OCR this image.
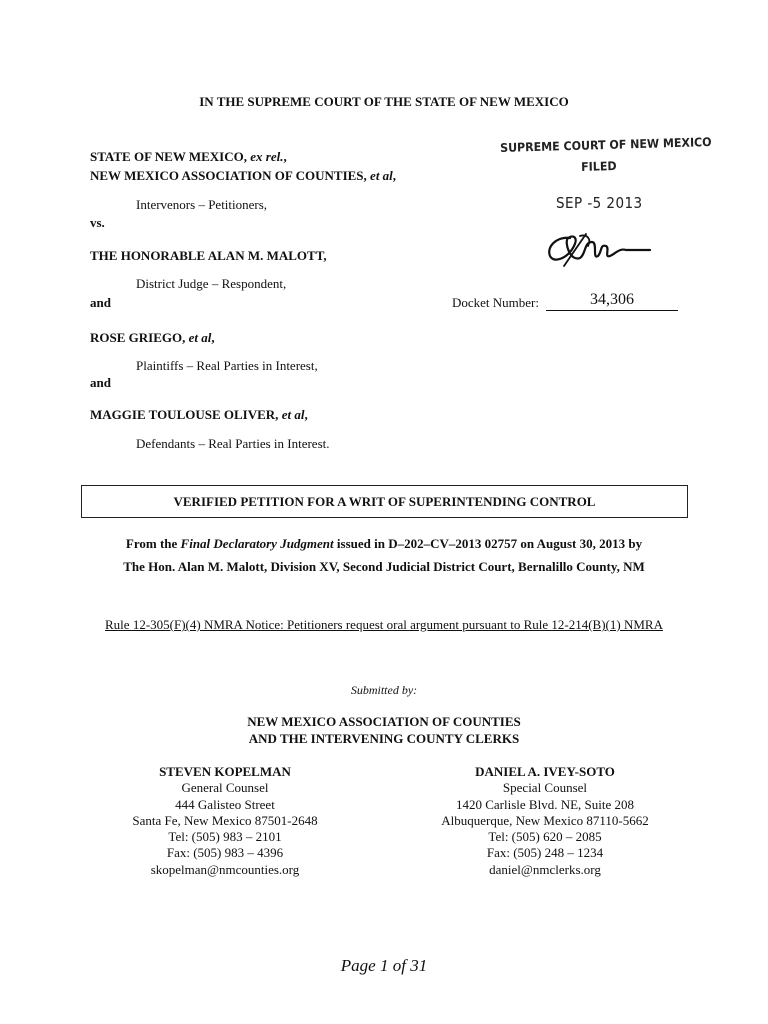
IN THE SUPREME COURT OF THE STATE OF NEW MEXICO
STATE OF NEW MEXICO, ex rel.,
NEW MEXICO ASSOCIATION OF COUNTIES, et al,
Intervenors – Petitioners,
vs.
THE HONORABLE ALAN M. MALOTT,
District Judge – Respondent,
and
ROSE GRIEGO, et al,
Plaintiffs – Real Parties in Interest,
and
MAGGIE TOULOUSE OLIVER, et al,
Defendants – Real Parties in Interest.
SUPREME COURT OF NEW MEXICO
FILED
SEP -5 2013
Docket Number:	34,306
VERIFIED PETITION FOR A WRIT OF SUPERINTENDING CONTROL
From the Final Declaratory Judgment issued in D–202–CV–2013 02757 on August 30, 2013 by
The Hon. Alan M. Malott, Division XV, Second Judicial District Court, Bernalillo County, NM
Rule 12-305(F)(4) NMRA Notice: Petitioners request oral argument pursuant to Rule 12-214(B)(1) NMRA
Submitted by:
NEW MEXICO ASSOCIATION OF COUNTIES
AND THE INTERVENING COUNTY CLERKS
STEVEN KOPELMAN
General Counsel
444 Galisteo Street
Santa Fe, New Mexico 87501-2648
Tel: (505) 983 – 2101
Fax: (505) 983 – 4396
skopelman@nmcounties.org
DANIEL A. IVEY-SOTO
Special Counsel
1420 Carlisle Blvd. NE, Suite 208
Albuquerque, New Mexico 87110-5662
Tel: (505) 620 – 2085
Fax: (505) 248 – 1234
daniel@nmclerks.org
Page 1 of 31
